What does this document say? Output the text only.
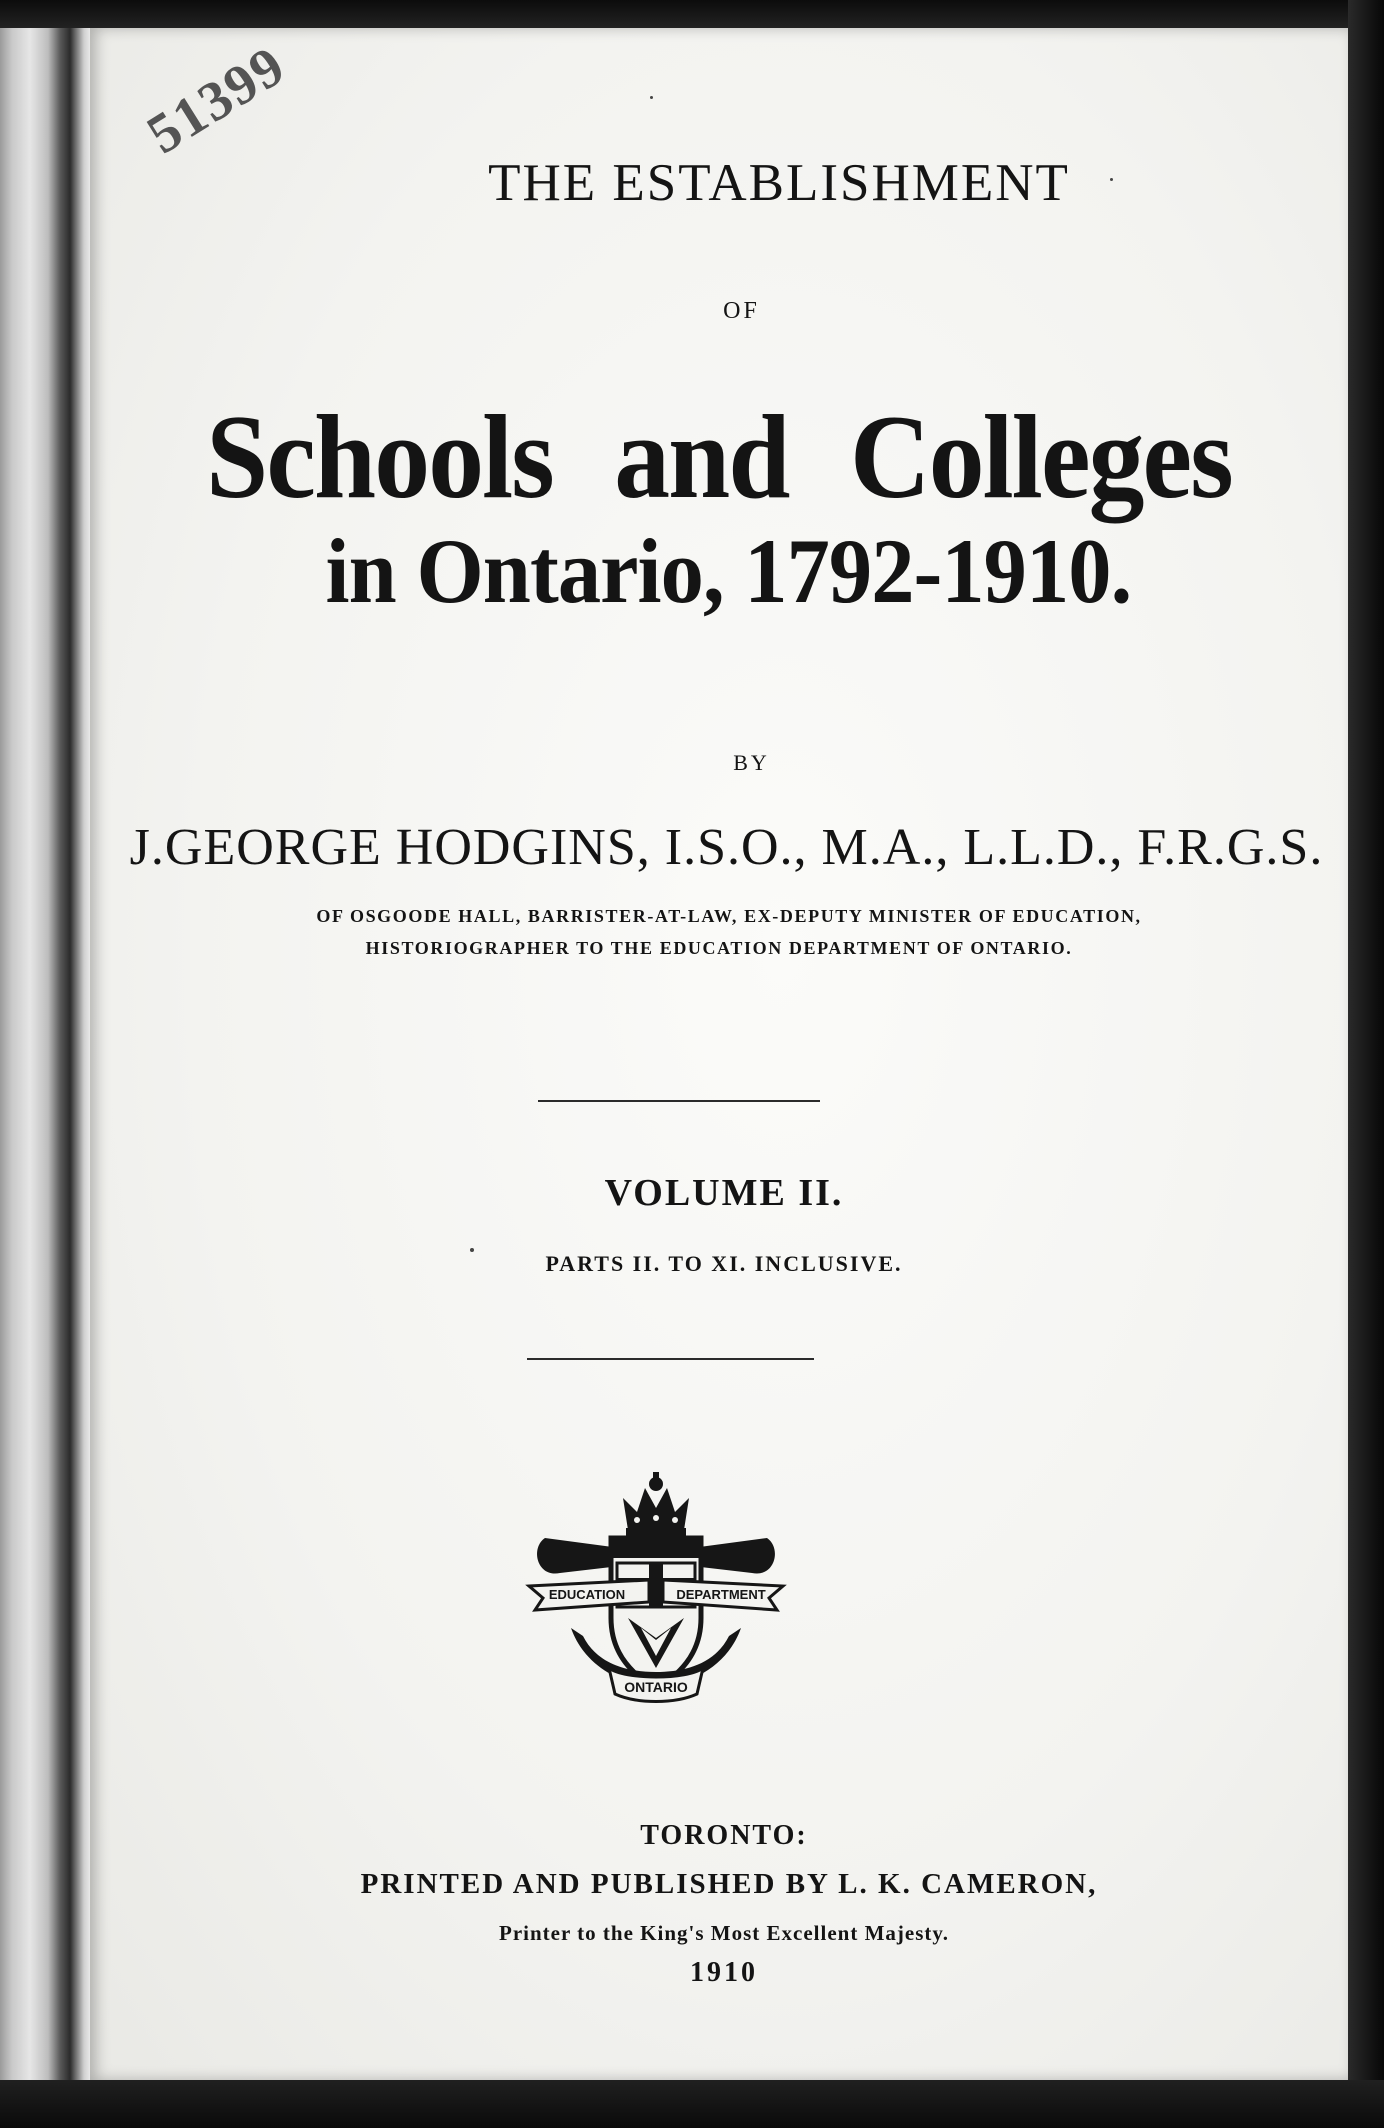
51399
THE ESTABLISHMENT
OF
Schools and Colleges
in Ontario, 1792-1910.
BY
J.GEORGE HODGINS, I.S.O., M.A., L.L.D., F.R.G.S.
OF OSGOODE HALL, BARRISTER-AT-LAW, EX-DEPUTY MINISTER OF EDUCATION,
HISTORIOGRAPHER TO THE EDUCATION DEPARTMENT OF ONTARIO.
VOLUME II.
PARTS II. TO XI. INCLUSIVE.
EDUCATION	DEPARTMENT
ONTARIO
TORONTO:
PRINTED AND PUBLISHED BY L. K. CAMERON,
Printer to the King's Most Excellent Majesty.
1910
